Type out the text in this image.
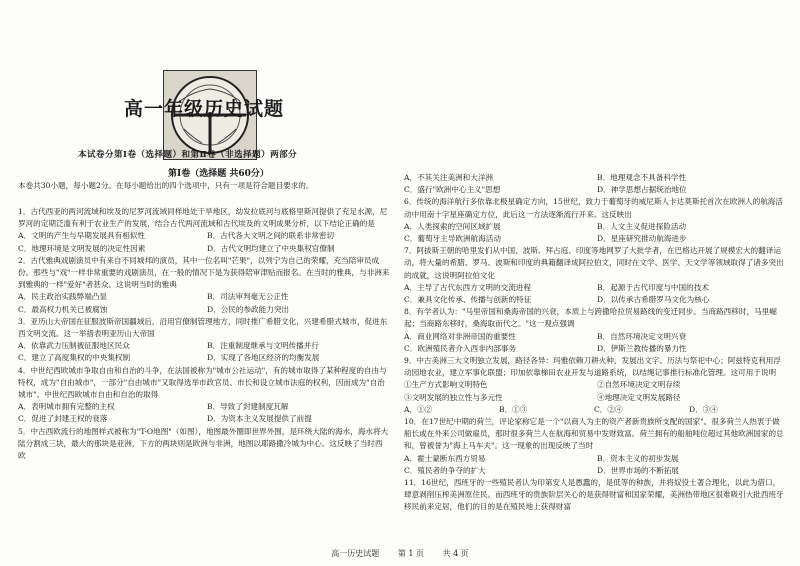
高一年级历史试题
本试卷分第Ⅰ卷（选择题）和第Ⅱ卷（非选择题）两部分
第Ⅰ卷（选择题 共60分）

本卷共30小题，每小题2分。在每小题给出的四个选项中，只有一项是符合题目要求的。

1．古代西亚的两河流域和埃及的尼罗河流域同样地处干旱地区，幼发拉底河与底格里斯河提供了充足水源，尼罗河的定期泛滥有利于农业生产的发展，结合古代两河流域和古代埃及的文明成果分析，以下结论正确的是

A．文明的产生与早期发展具有相似性	B．古代各大文明之间的联系非常密切
C．地理环境是文明发展的决定性因素	D．古代文明均建立了中央集权官僚制

2．古代雅典戏剧演员中有来自不同城邦的演员，其中一位名叫"芒果"，以列宁为自己的荣耀，充当陪审员成份。那些与"戏"一样非常重要的戏剧演员，在一般的情况下是为获得陪审津贴而报名。在当时的雅典，与非洲来到雅典的一样"爱好"者甚众。这说明当时的雅典

A．民主政治实践弊端凸显	B．司法审判毫无公正性
C．最高权力机关已被腐蚀	D．公民的参政能力突出

3．亚历山大帝国在征服波斯帝国疆域后，沿用官僚制管理地方，同时推广希腊文化，兴建希腊式城市，促进东西文明交流。这一举措表明亚历山大帝国

A．依靠武力压制被征服地区民众	B．注重制度继承与文明传播并行
C．建立了高度集权的中央集权制	D．实现了各地区经济的均衡发展

4．中世纪西欧城市争取自由和自治的斗争，在法国被称为"城市公社运动"，有的城市取得了某种程度的自由与特权，成为"自由城市"，一部分"自由城市"又取得选举市政官员、市长和设立城市法庭的权利，因而成为"自治城市"。中世纪西欧城市自由和自治的取得

A．表明城市拥有完整的主权	B．导致了封建制度瓦解
C．促进了封建王权的衰落	D．为资本主义发展提供了前提

5．中古西欧流行的地图样式被称为"T-O地图"（如图），地图最外圈即世界外围，是环绕大陆的海水，海水将大陆分割成三块，最大的那块是亚洲，下方的两块则是欧洲与非洲，地图以耶路撒冷城为中心。这反映了当时西欧

A．不其关注美洲和大洋洲	B．地理观念不具备科学性
C．盛行"欧洲中心主义"思想	D．神学思想占据统治地位

6．传统的海洋航行多依靠北极星确定方向，15世纪，致力于葡萄牙的威尼斯人卡达莫斯托首次在欧洲人的航海活动中用南十字星座确定方位，此后这一方法逐渐流行开来。这反映出

A．人类探索的空间区域扩展	B．人文主义促进探险活动
C．葡萄牙主导欧洲航海活动	D．星座研究推动航海进步

7．阿拔斯王朝的哈里发们从中国、波斯、拜占庭、印度等地网罗了大批学者，在巴格达开展了规模宏大的翻译运动，将大量的希腊、罗马、波斯和印度的典籍翻译成阿拉伯文，同时在文学、医学、天文学等领域取得了诸多突出的成就，这说明阿拉伯文化

A．主导了古代东西方文明的交流进程	B．起源于古代印度与中国的技术
C．兼具文化传承、传播与创新的特征	D．以传承古希腊罗马文化为核心

8．有学者认为："马里帝国和桑海帝国的兴衰，本质上与跨撒哈拉贸易路线的变迁同步。当商路西移时，马里崛起；当商路东移时，桑海取而代之。"这一观点强调

A．商业网络对非洲帝国的重要性	B．自然环境决定文明兴衰
C．欧洲殖民者介入西非内部事务	D．伊斯兰教传播的暴力性

9．中古美洲三大文明独立发展，路径各异：玛雅依赖刀耕火种，发展出文字、历法与祭祀中心；阿兹特克利用浮动园地农业，建立军事化联盟；印加依靠梯田农业开发与道路系统，以结绳记事推行标准化管理。这可用于说明

①生产方式影响文明特色	②自然环境决定文明存续
③文明发展的独立性与多元性	④地理决定文明发展路径
A．①②	B．①③	C．②④	D．③④

10．在17世纪中期的荷兰，评论家称它是一个"以商人为主的资产者新贵族所支配的国家"。很多荷兰人热衷于做船长或在外来公司做雇员，那时很多荷兰人在航海和贸易中发财致富。荷兰拥有的船舶吨位超过其他欧洲国家的总和，曾被誉为"海上马车夫"。这一现象的出现反映了当时

A．霍士蒙断东西方贸易	B．资本主义的初步发展
C．殖民者的争夺的扩大	D．世界市场的不断拓展

11．16世纪，西班牙的一些殖民者认为印第安人是愚蠢的，是低等的种族，并将奴役土著合理化，以此为借口，肆意剥削压榨美洲原住民。而西班牙的贵族阶层关心的是获得财富和国家荣耀，美洲热带地区很难吸引大批西班牙移民前来定居，他们的目的是在殖民地上获得财富

高一历史试题 第 1 页 共 4 页
